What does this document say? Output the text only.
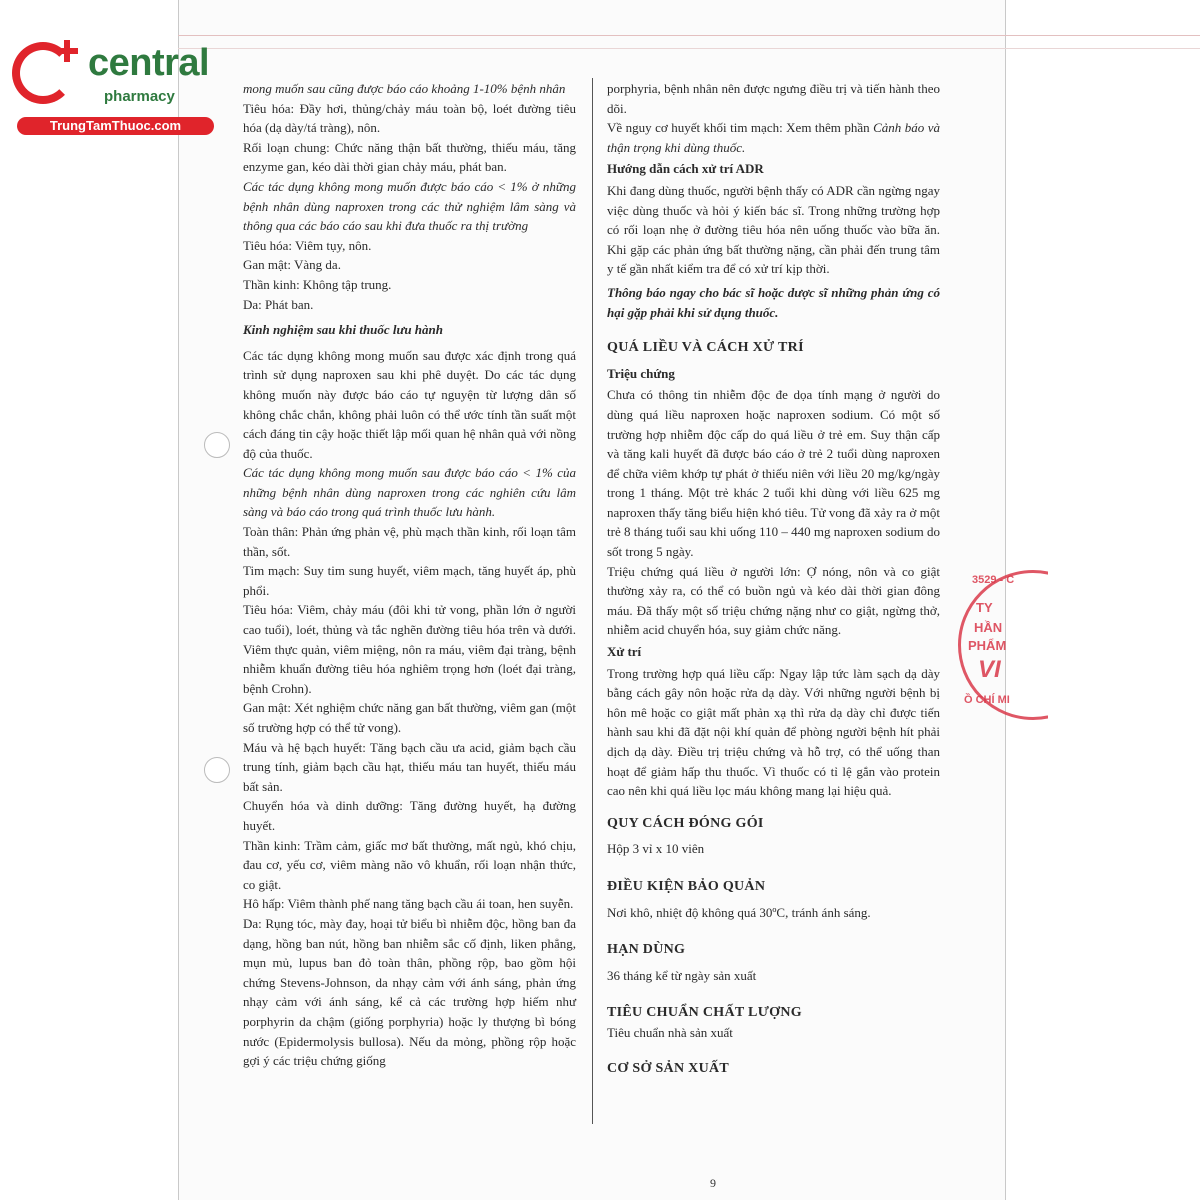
central
pharmacy
TrungTamThuoc.com

mong muốn sau cũng được báo cáo khoảng 1-10% bệnh nhân

Tiêu hóa: Đầy hơi, thủng/chảy máu toàn bộ, loét đường tiêu hóa (dạ dày/tá tràng), nôn.

Rối loạn chung: Chức năng thận bất thường, thiếu máu, tăng enzyme gan, kéo dài thời gian chảy máu, phát ban.

Các tác dụng không mong muốn được báo cáo < 1% ở những bệnh nhân dùng naproxen trong các thử nghiệm lâm sàng và thông qua các báo cáo sau khi đưa thuốc ra thị trường

Tiêu hóa: Viêm tụy, nôn.

Gan mật: Vàng da.

Thần kinh: Không tập trung.

Da: Phát ban.

Kinh nghiệm sau khi thuốc lưu hành

Các tác dụng không mong muốn sau được xác định trong quá trình sử dụng naproxen sau khi phê duyệt. Do các tác dụng không muốn này được báo cáo tự nguyện từ lượng dân số không chắc chắn, không phải luôn có thể ước tính tần suất một cách đáng tin cậy hoặc thiết lập mối quan hệ nhân quả với nồng độ của thuốc.

Các tác dụng không mong muốn sau được báo cáo < 1% của những bệnh nhân dùng naproxen trong các nghiên cứu lâm sàng và báo cáo trong quá trình thuốc lưu hành.

Toàn thân: Phản ứng phản vệ, phù mạch thần kinh, rối loạn tâm thần, sốt.

Tim mạch: Suy tim sung huyết, viêm mạch, tăng huyết áp, phù phổi.

Tiêu hóa: Viêm, chảy máu (đôi khi tử vong, phần lớn ở người cao tuổi), loét, thủng và tắc nghẽn đường tiêu hóa trên và dưới. Viêm thực quản, viêm miệng, nôn ra máu, viêm đại tràng, bệnh nhiễm khuẩn đường tiêu hóa nghiêm trọng hơn (loét đại tràng, bệnh Crohn).

Gan mật: Xét nghiệm chức năng gan bất thường, viêm gan (một số trường hợp có thể tử vong).

Máu và hệ bạch huyết: Tăng bạch cầu ưa acid, giảm bạch cầu trung tính, giảm bạch cầu hạt, thiếu máu tan huyết, thiếu máu bất sản.

Chuyển hóa và dinh dưỡng: Tăng đường huyết, hạ đường huyết.

Thần kinh: Trầm cảm, giấc mơ bất thường, mất ngủ, khó chịu, đau cơ, yếu cơ, viêm màng não vô khuẩn, rối loạn nhận thức, co giật.

Hô hấp: Viêm thành phế nang tăng bạch cầu ái toan, hen suyễn.

Da: Rụng tóc, mày đay, hoại tử biểu bì nhiễm độc, hồng ban đa dạng, hồng ban nút, hồng ban nhiễm sắc cố định, liken phẳng, mụn mủ, lupus ban đỏ toàn thân, phồng rộp, bao gồm hội chứng Stevens-Johnson, da nhạy cảm với ánh sáng, phản ứng nhạy cảm với ánh sáng, kể cả các trường hợp hiếm như porphyrin da chậm (giống porphyria) hoặc ly thượng bì bóng nước (Epidermolysis bullosa). Nếu da mỏng, phồng rộp hoặc gợi ý các triệu chứng giống

porphyria, bệnh nhân nên được ngưng điều trị và tiến hành theo dõi.

Về nguy cơ huyết khối tim mạch: Xem thêm phần Cảnh báo và thận trọng khi dùng thuốc.

Hướng dẫn cách xử trí ADR

Khi đang dùng thuốc, người bệnh thấy có ADR cần ngừng ngay việc dùng thuốc và hỏi ý kiến bác sĩ. Trong những trường hợp có rối loạn nhẹ ở đường tiêu hóa nên uống thuốc vào bữa ăn. Khi gặp các phản ứng bất thường nặng, cần phải đến trung tâm y tế gần nhất kiểm tra để có xử trí kịp thời.

Thông báo ngay cho bác sĩ hoặc dược sĩ những phản ứng có hại gặp phải khi sử dụng thuốc.

QUÁ LIỀU VÀ CÁCH XỬ TRÍ
Triệu chứng

Chưa có thông tin nhiễm độc đe dọa tính mạng ở người do dùng quá liều naproxen hoặc naproxen sodium. Có một số trường hợp nhiễm độc cấp do quá liều ở trẻ em. Suy thận cấp và tăng kali huyết đã được báo cáo ở trẻ 2 tuổi dùng naproxen để chữa viêm khớp tự phát ở thiếu niên với liều 20 mg/kg/ngày trong 1 tháng. Một trẻ khác 2 tuổi khi dùng với liều 625 mg naproxen thấy tăng biểu hiện khó tiêu. Tử vong đã xảy ra ở một trẻ 8 tháng tuổi sau khi uống 110 – 440 mg naproxen sodium do sốt trong 5 ngày.

Triệu chứng quá liều ở người lớn: Ợ nóng, nôn và co giật thường xảy ra, có thể có buồn ngủ và kéo dài thời gian đông máu. Đã thấy một số triệu chứng nặng như co giật, ngừng thở, nhiễm acid chuyển hóa, suy giảm chức năng.

Xử trí

Trong trường hợp quá liều cấp: Ngay lập tức làm sạch dạ dày bằng cách gây nôn hoặc rửa dạ dày. Với những người bệnh bị hôn mê hoặc co giật mất phản xạ thì rửa dạ dày chỉ được tiến hành sau khi đã đặt nội khí quản để phòng người bệnh hít phải dịch dạ dày. Điều trị triệu chứng và hỗ trợ, có thể uống than hoạt để giảm hấp thu thuốc. Vì thuốc có tỉ lệ gắn vào protein cao nên khi quá liều lọc máu không mang lại hiệu quả.

QUY CÁCH ĐÓNG GÓI

Hộp 3 vỉ x 10 viên

ĐIỀU KIỆN BẢO QUẢN

Nơi khô, nhiệt độ không quá 30ºC, tránh ánh sáng.

HẠN DÙNG

36 tháng kể từ ngày sản xuất

TIÊU CHUẨN CHẤT LƯỢNG

Tiêu chuẩn nhà sản xuất

CƠ SỞ SẢN XUẤT
3529 - C
TY
HẦN
PHẨM
VI
Ồ CHÍ MI
9
